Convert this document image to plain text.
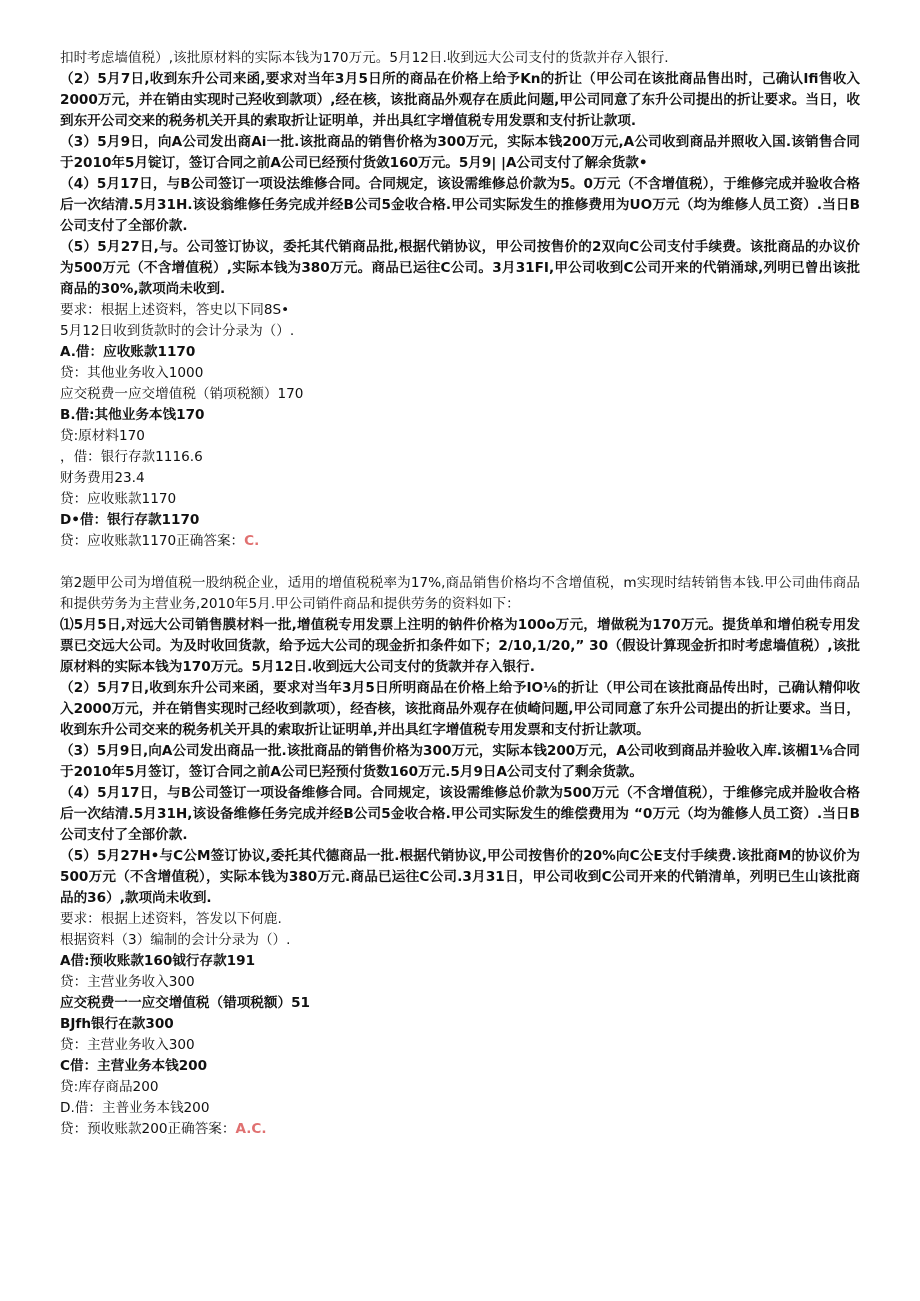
扣时考虑墙值税）,该批原材料的实际本钱为170万元。5月12日.收到远大公司支付的货款并存入银行.

（2）5月7日,收到东升公司来函,要求对当年3月5日所的商品在价格上给予Kn的折让（甲公司在该批商品售出时，己确认Ifi售收入2000万元，并在销由实现时己羟收到款项）,经在核，该批商品外观存在质此问题,甲公司同意了东升公司提出的折让要求。当日，收到东开公司交来的税务机关开具的索取折让证明单，并出具红字增值税专用发票和支付折让款项.

（3）5月9日，向A公司发出商Ai一批.该批商品的销售价格为300万元，实际本钱200万元,A公司收到商品并照收入国.该销售合同于2010年5月锭订，签订合同之前A公司已经预付货敛160万元。5月9| |A公司支付了解余货款•

（4）5月17日，与B公司签订一项设法维修合同。合同规定，该设需维修总价款为5。0万元（不含增值税），于维修完成并验收合格后一次结清.5月31H.该设翁维修任务完成并经B公司5金收合格.甲公司实际发生的推修费用为UO万元（均为维修人员工资）.当日B公司支付了全部价款.

（5）5月27日,与。公司签订协议，委托其代销商品批,根据代销协议，甲公司按售价的2双向C公司支付手续费。该批商品的办议价为500万元（不含增值税）,实际本钱为380万元。商品已运往C公司。3月31FI,甲公司收到C公司开来的代销涌球,列明已曾出该批商品的30%,款项尚未收到.

要求：根据上述资料，答史以下同8S•

5月12日收到货款时的会计分录为（）.

A.借：应收账款1170

贷：其他业务收入1000

应交税费一应交增值税（销项税额）170

B.借:其他业务本饯170

贷:原材料170

，借：银行存款1116.6

财务费用23.4

贷：应收账款1170

D•借：银行存款1170

贷：应收账款1170正确答案：C.

第2题甲公司为增值税一股纳税企业，适用的增值税税率为17%,商品销售价格均不含增值税，m实现时结转销售本钱.甲公司曲伟商品和提供劳务为主营业务,2010年5月.甲公司销件商品和提供劳务的资料如下：

⑴5月5日,对远大公司销售膜材料一批,增值税专用发票上注明的钠件价格为100o万元，增做税为170万元。提货单和增伯税专用发票已交远大公司。为及时收回货款，给予远大公司的现金折扣条件如下；2/10,1/20,” 30（假设计算现金折扣时考虑墙值税）,该批原材料的实际本钱为170万元。5月12日.收到远大公司支付的货款并存入银行.

（2）5月7日,收到东升公司来函，要求对当年3月5日所明商品在价格上给予IO⅛的折让（甲公司在该批商品传出时，己确认精仰收入2000万元，并在销售实现时己经收到款项），经杳核，该批商品外观存在侦崎问题,甲公司同意了东升公司提出的折让要求。当日，收到东升公司交来的税务机关开具的索取折让证明单,并出具红字增值税专用发票和支付折让款项。

（3）5月9日,向A公司发出商品一批.该批商品的销售价格为300万元，实际本钱200万元，A公司收到商品并验收入库.该楣1⅛合同于2010年5月签订，签订合同之前A公司巳羟预付货数160万元.5月9日A公司支付了剩余货款。

（4）5月17日，与B公司签订一项设备维修合同。合同规定，该设需维修总价款为500万元（不含增值税），于维修完成并脸收合格后一次结清.5月31H,该设备维修任务完成并经B公司5金收合格.甲公司实际发生的维偿费用为 “0万元（均为雒修人员工资）.当日B公司支付了全部价款.

（5）5月27H•与C公M签订协议,委托其代德商品一批.根据代销协议,甲公司按售价的20%向C公E支付手续费.该批商M的协议价为500万元（不含增值税），实际本钱为380万元.商品已运往C公司.3月31日，甲公司收到C公司开来的代销清单，列明已生山该批商品的36）,款项尚未收到.

要求：根据上述资料，答发以下何鹿.

根据资料（3）编制的会计分录为（）.

A借:预收账款160钺行存款191

贷：主营业务收入300

应交税费一一应交增值税（错项税额）51

BJfh银行在款300

贷：主营业务收入300

C借：主营业务本钱200

贷:库存商品200

D.借：主普业务本钱200

贷：预收账款200正确答案：A.C.
